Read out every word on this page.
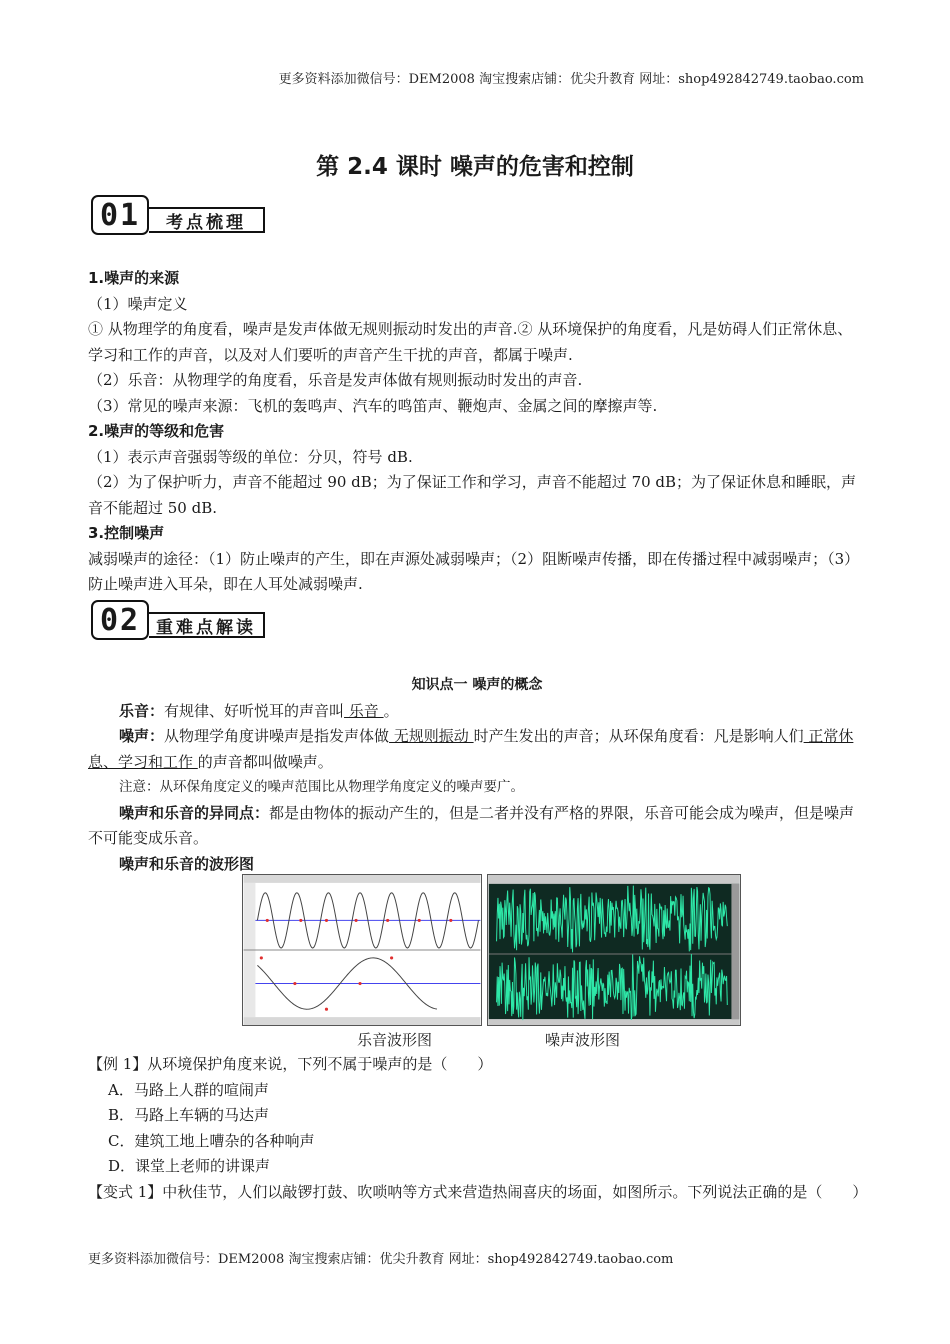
更多资料添加微信号：DEM2008 淘宝搜索店铺：优尖升教育 网址：shop492842749.taobao.com
第 2.4 课时 噪声的危害和控制
01	考点梳理

1.噪声的来源

（1）噪声定义

① 从物理学的角度看，噪声是发声体做无规则振动时发出的声音.② 从环境保护的角度看，凡是妨碍人们正常休息、学习和工作的声音，以及对人们要听的声音产生干扰的声音，都属于噪声.

（2）乐音：从物理学的角度看，乐音是发声体做有规则振动时发出的声音.

（3）常见的噪声来源：飞机的轰鸣声、汽车的鸣笛声、鞭炮声、金属之间的摩擦声等.

2.噪声的等级和危害

（1）表示声音强弱等级的单位：分贝，符号 dB.

（2）为了保护听力，声音不能超过 90 dB；为了保证工作和学习，声音不能超过 70 dB；为了保证休息和睡眠，声音不能超过 50 dB.

3.控制噪声

减弱噪声的途径：（1）防止噪声的产生，即在声源处减弱噪声；（2）阻断噪声传播，即在传播过程中减弱噪声；（3）防止噪声进入耳朵，即在人耳处减弱噪声.

02 重难点解读

知识点一 噪声的概念

乐音：有规律、好听悦耳的声音叫 乐音 。

噪声：从物理学角度讲噪声是指发声体做 无规则振动 时产生发出的声音；从环保角度看：凡是影响人们 正常休息、学习和工作 的声音都叫做噪声。

注意：从环保角度定义的噪声范围比从物理学角度定义的噪声要广。

噪声和乐音的异同点：都是由物体的振动产生的，但是二者并没有严格的界限，乐音可能会成为噪声，但是噪声不可能变成乐音。

噪声和乐音的波形图

乐音波形图	噪声波形图

【例 1】从环境保护角度来说，下列不属于噪声的是（　　）

A．马路上人群的喧闹声

B．马路上车辆的马达声

C．建筑工地上嘈杂的各种响声

D．课堂上老师的讲课声

【变式 1】中秋佳节，人们以敲锣打鼓、吹唢呐等方式来营造热闹喜庆的场面，如图所示。下列说法正确的是（　　）

更多资料添加微信号：DEM2008 淘宝搜索店铺：优尖升教育 网址：shop492842749.taobao.com
